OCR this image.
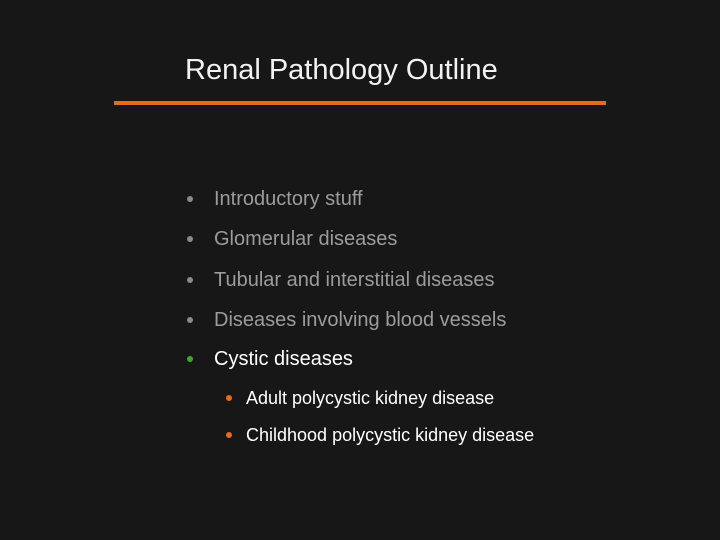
Renal Pathology Outline
Introductory stuff
Glomerular diseases
Tubular and interstitial diseases
Diseases involving blood vessels
Cystic diseases
Adult polycystic kidney disease
Childhood polycystic kidney disease
